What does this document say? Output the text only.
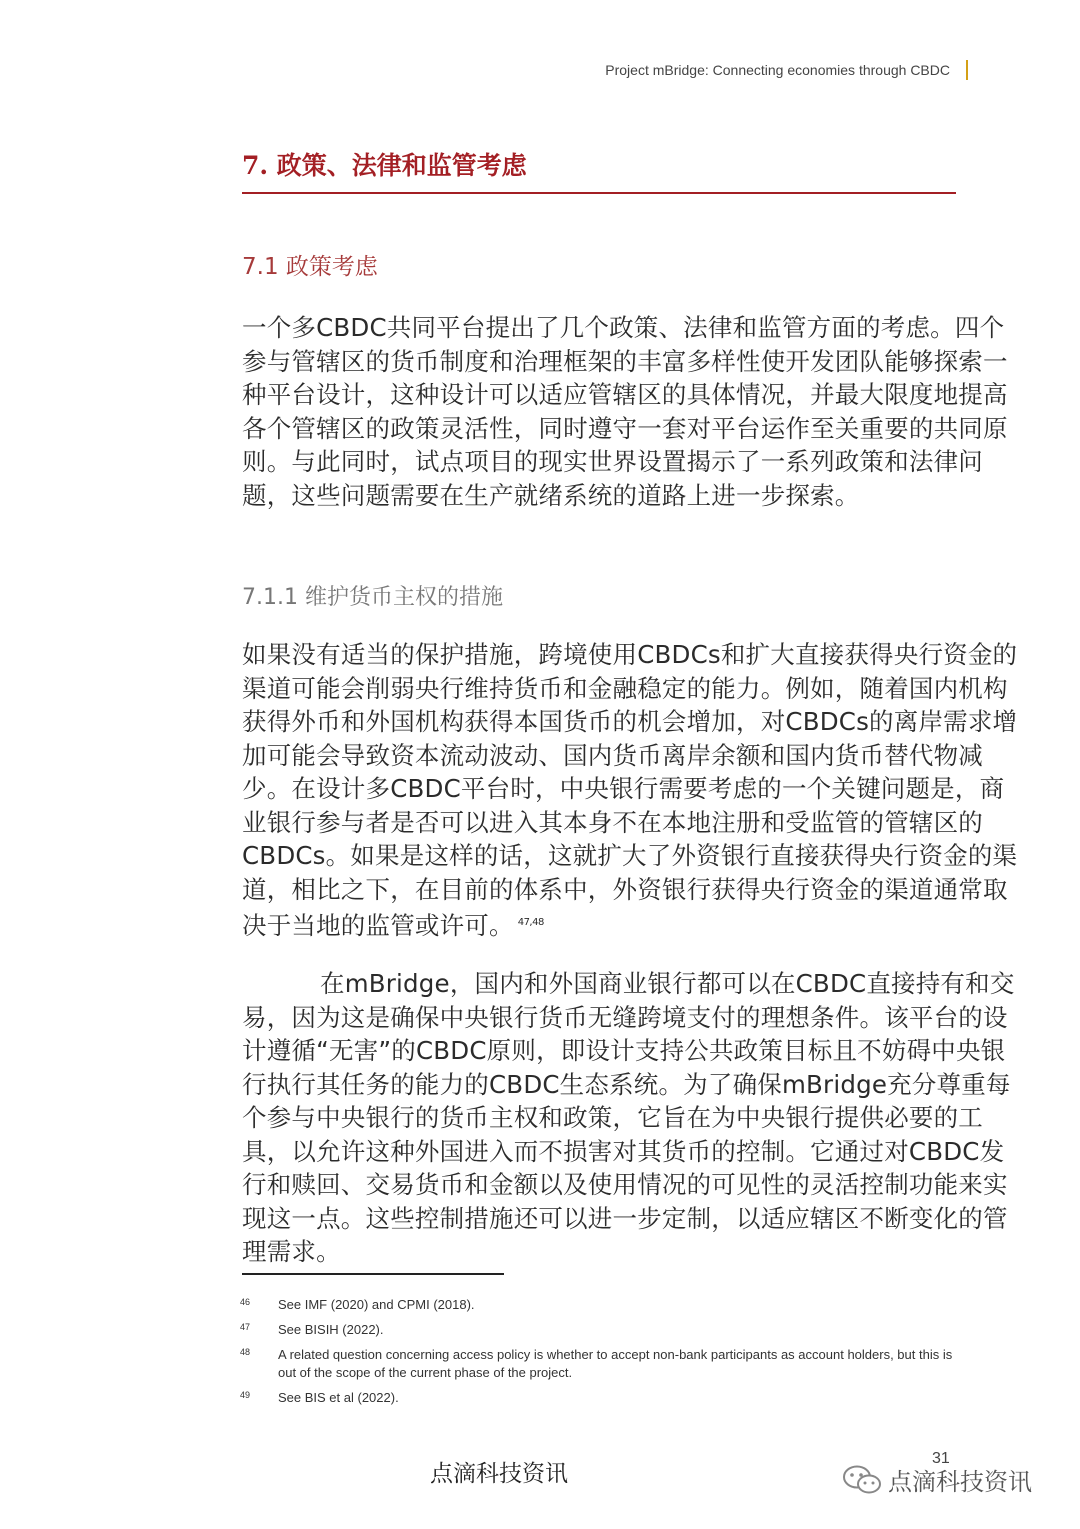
Project mBridge: Connecting economies through CBDC
7. 政策、法律和监管考虑
7.1 政策考虑

一个多CBDC共同平台提出了几个政策、法律和监管方面的考虑。四个参与管辖区的货币制度和治理框架的丰富多样性使开发团队能够探索一种平台设计，这种设计可以适应管辖区的具体情况，并最大限度地提高各个管辖区的政策灵活性，同时遵守一套对平台运作至关重要的共同原则。与此同时，试点项目的现实世界设置揭示了一系列政策和法律问题，这些问题需要在生产就绪系统的道路上进一步探索。

7.1.1 维护货币主权的措施

如果没有适当的保护措施，跨境使用CBDCs和扩大直接获得央行资金的渠道可能会削弱央行维持货币和金融稳定的能力。例如，随着国内机构获得外币和外国机构获得本国货币的机会增加，对CBDCs的离岸需求增加可能会导致资本流动波动、国内货币离岸余额和国内货币替代物减少。在设计多CBDC平台时，中央银行需要考虑的一个关键问题是，商业银行参与者是否可以进入其本身不在本地注册和受监管的管辖区的CBDCs。如果是这样的话，这就扩大了外资银行直接获得央行资金的渠道，相比之下，在目前的体系中，外资银行获得央行资金的渠道通常取决于当地的监管或许可。 $^{47,48}$

在mBridge，国内和外国商业银行都可以在CBDC直接持有和交易，因为这是确保中央银行货币无缝跨境支付的理想条件。该平台的设计遵循“无害”的CBDC原则，即设计支持公共政策目标且不妨碍中央银行执行其任务的能力的CBDC生态系统。为了确保mBridge充分尊重每个参与中央银行的货币主权和政策，它旨在为中央银行提供必要的工具，以允许这种外国进入而不损害对其货币的控制。它通过对CBDC发行和赎回、交易货币和金额以及使用情况的可见性的灵活控制功能来实现这一点。这些控制措施还可以进一步定制，以适应辖区不断变化的管理需求。

46	See IMF (2020) and CPMI (2018).
47	See BISIH (2022).
48	A related question concerning access policy is whether to accept non-bank participants as account holders, but this is out of the scope of the current phase of the project.
49	See BIS et al (2022).
点滴科技资讯
31
点滴科技资讯
